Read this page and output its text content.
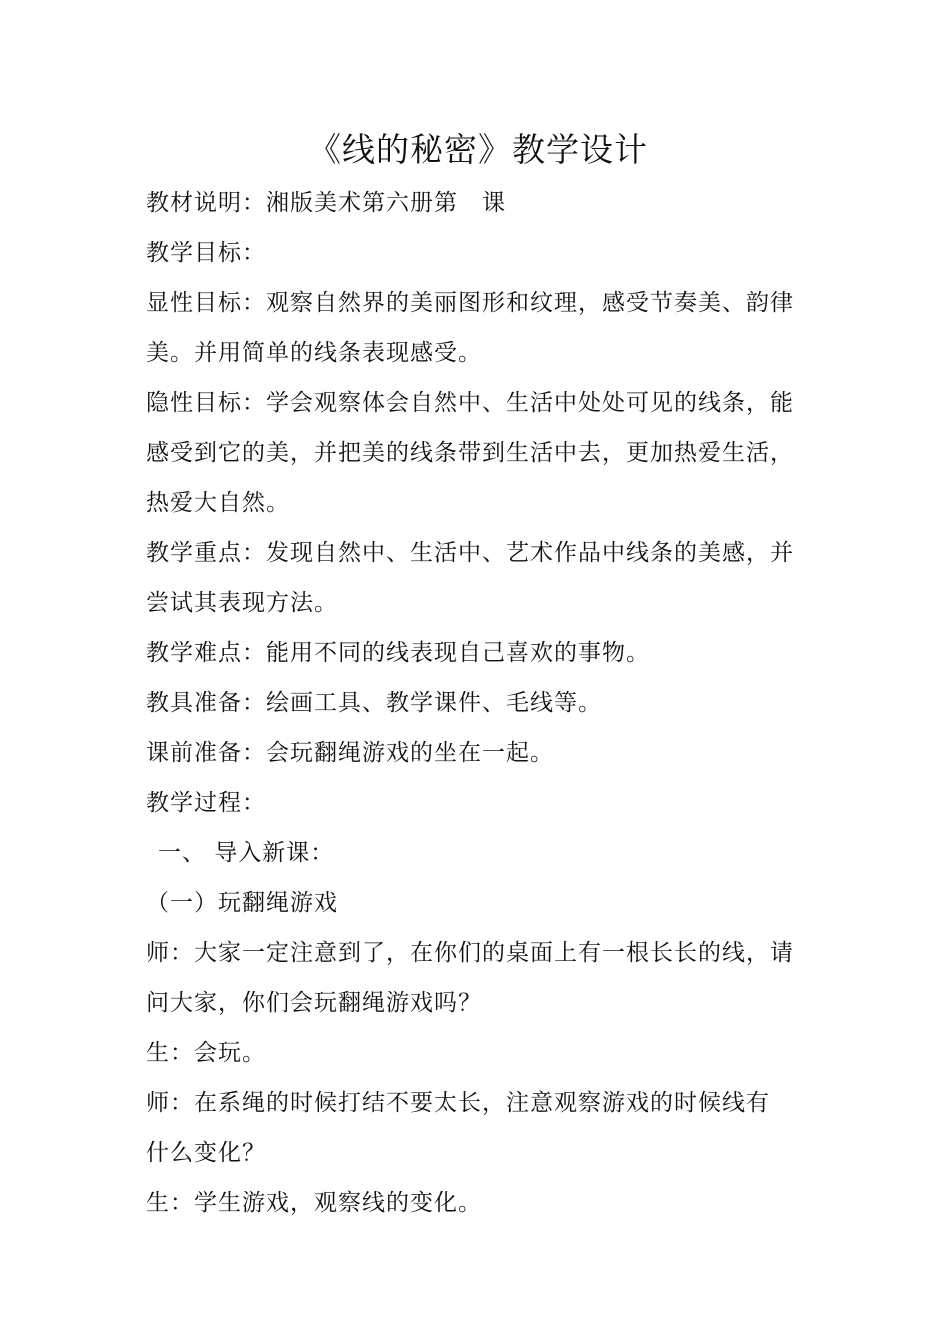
《线的秘密》教学设计
教材说明：湘版美术第六册第　课
教学目标：
显性目标：观察自然界的美丽图形和纹理，感受节奏美、韵律
美。并用简单的线条表现感受。
隐性目标：学会观察体会自然中、生活中处处可见的线条，能
感受到它的美，并把美的线条带到生活中去，更加热爱生活，
热爱大自然。
教学重点：发现自然中、生活中、艺术作品中线条的美感，并
尝试其表现方法。
教学难点：能用不同的线表现自己喜欢的事物。
教具准备：绘画工具、教学课件、毛线等。
课前准备：会玩翻绳游戏的坐在一起。
教学过程：
一、 导入新课：
（一）玩翻绳游戏
师：大家一定注意到了，在你们的桌面上有一根长长的线，请
问大家，你们会玩翻绳游戏吗？
生：会玩。
师：在系绳的时候打结不要太长，注意观察游戏的时候线有
什么变化？
生：学生游戏，观察线的变化。
